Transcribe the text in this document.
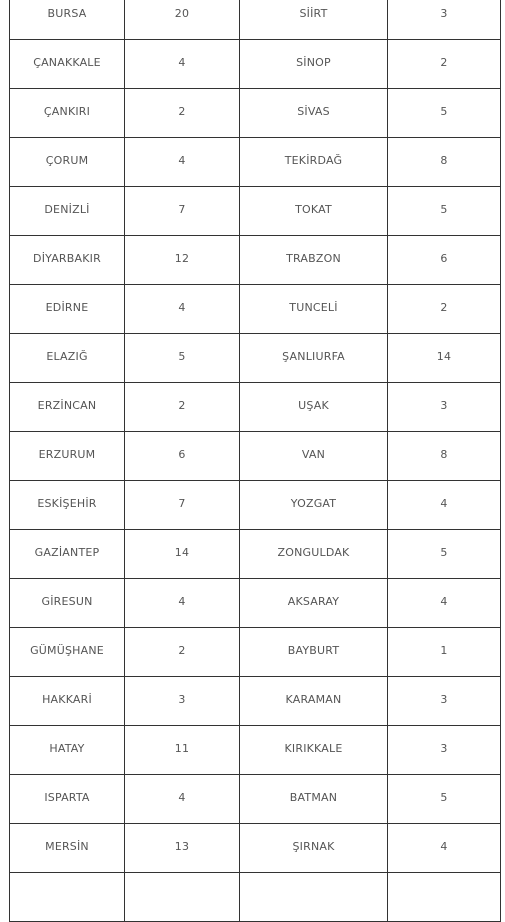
BURSA	20	SİİRT	3

ÇANAKKALE	4	SİNOP	2

ÇANKIRI	2	SİVAS	5

ÇORUM	4	TEKİRDAĞ	8

DENİZLİ	7	TOKAT	5

DİYARBAKIR	12	TRABZON	6

EDİRNE	4	TUNCELİ	2

ELAZIĞ	5	ŞANLIURFA	14

ERZİNCAN	2	UŞAK	3

ERZURUM	6	VAN	8

ESKİŞEHİR	7	YOZGAT	4

GAZİANTEP	14	ZONGULDAK	5

GİRESUN	4	AKSARAY	4

GÜMÜŞHANE	2	BAYBURT	1

HAKKARİ	3	KARAMAN	3

HATAY	11	KIRIKKALE	3

ISPARTA	4	BATMAN	5

MERSİN	13	ŞIRNAK	4
